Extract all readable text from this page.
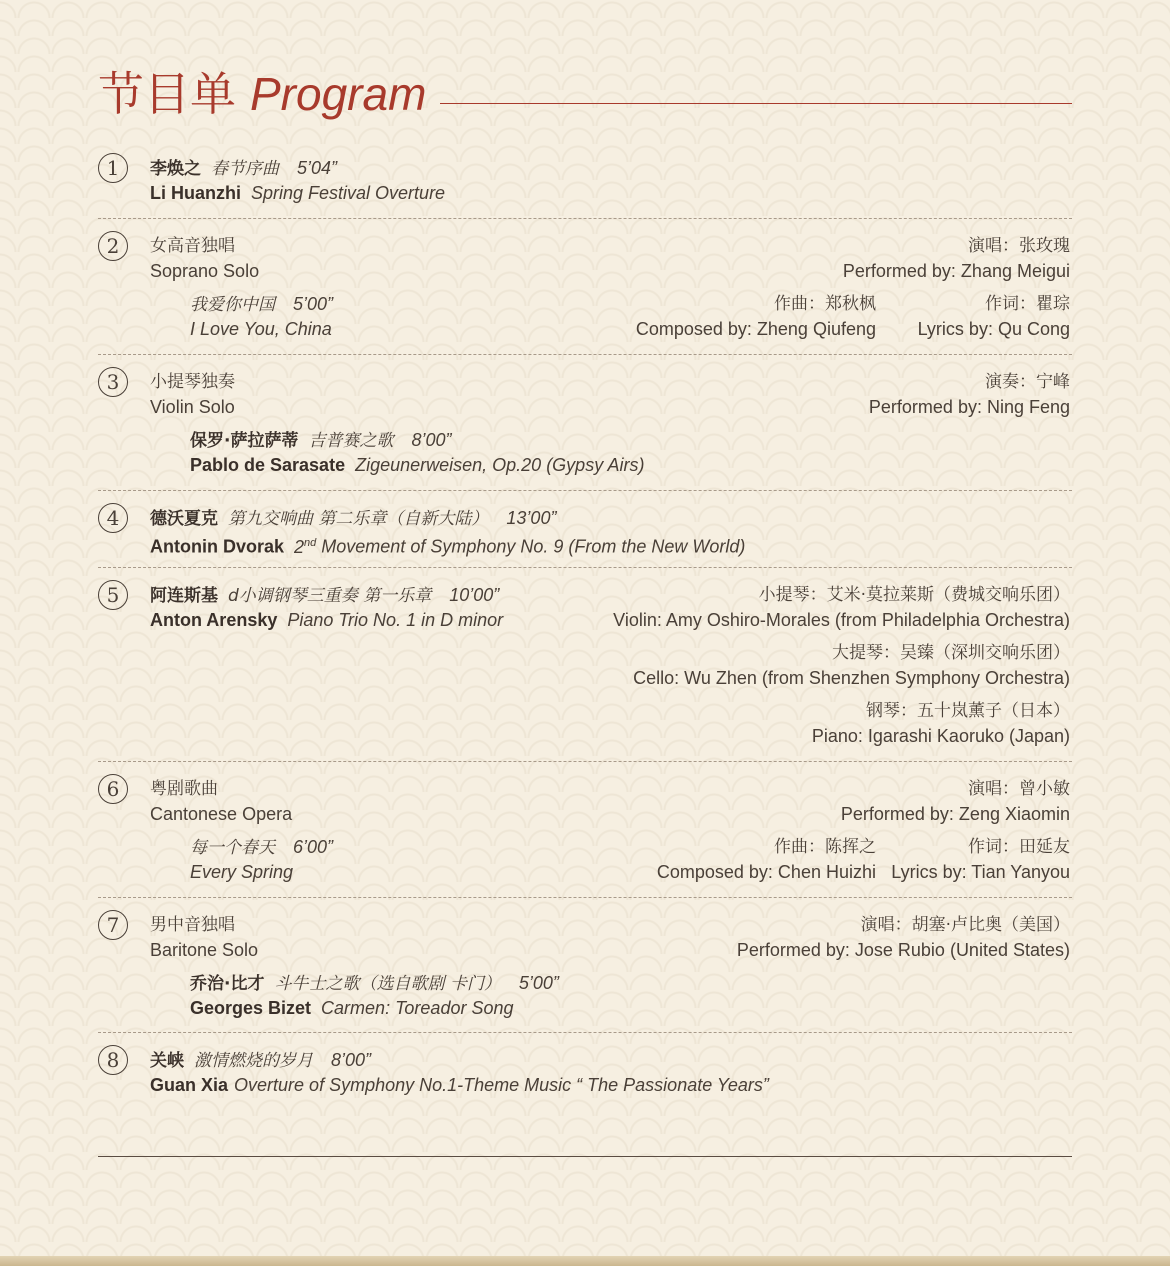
节目单 Program
1	李焕之 春节序曲 5’04”
Li Huanzhi Spring Festival Overture
2	女高音独唱
Soprano Solo
演唱：张玫瑰
Performed by: Zhang Meigui
我爱你中国 5’00”
I Love You, China
作曲：郑秋枫
Composed by: Zheng Qiufeng
作词：瞿琮
Lyrics by: Qu Cong
3	小提琴独奏
Violin Solo
演奏：宁峰
Performed by: Ning Feng
保罗·萨拉萨蒂 吉普赛之歌 8’00”
Pablo de Sarasate Zigeunerweisen, Op.20 (Gypsy Airs)
4	德沃夏克 第九交响曲 第二乐章（自新大陆） 13’00”
Antonin Dvorak 2nd Movement of Symphony No. 9 (From the New World)
5	阿连斯基 d小调钢琴三重奏 第一乐章 10’00”
Anton Arensky Piano Trio No. 1 in D minor
小提琴：艾米·莫拉莱斯（费城交响乐团）
Violin: Amy Oshiro-Morales (from Philadelphia Orchestra)
大提琴：吴臻（深圳交响乐团）
Cello: Wu Zhen (from Shenzhen Symphony Orchestra)
钢琴：五十岚薰子（日本）
Piano: Igarashi Kaoruko (Japan)
6	粤剧歌曲
Cantonese Opera
演唱：曾小敏
Performed by: Zeng Xiaomin
每一个春天 6’00”
Every Spring
作曲：陈挥之
Composed by: Chen Huizhi
作词：田延友
Lyrics by: Tian Yanyou
7	男中音独唱
Baritone Solo
演唱：胡塞·卢比奥（美国）
Performed by: Jose Rubio (United States)
乔治·比才 斗牛士之歌（选自歌剧 卡门） 5’00”
Georges Bizet Carmen: Toreador Song
8	关峡 激情燃烧的岁月 8’00”
Guan Xia Overture of Symphony No.1-Theme Music “ The Passionate Years”
